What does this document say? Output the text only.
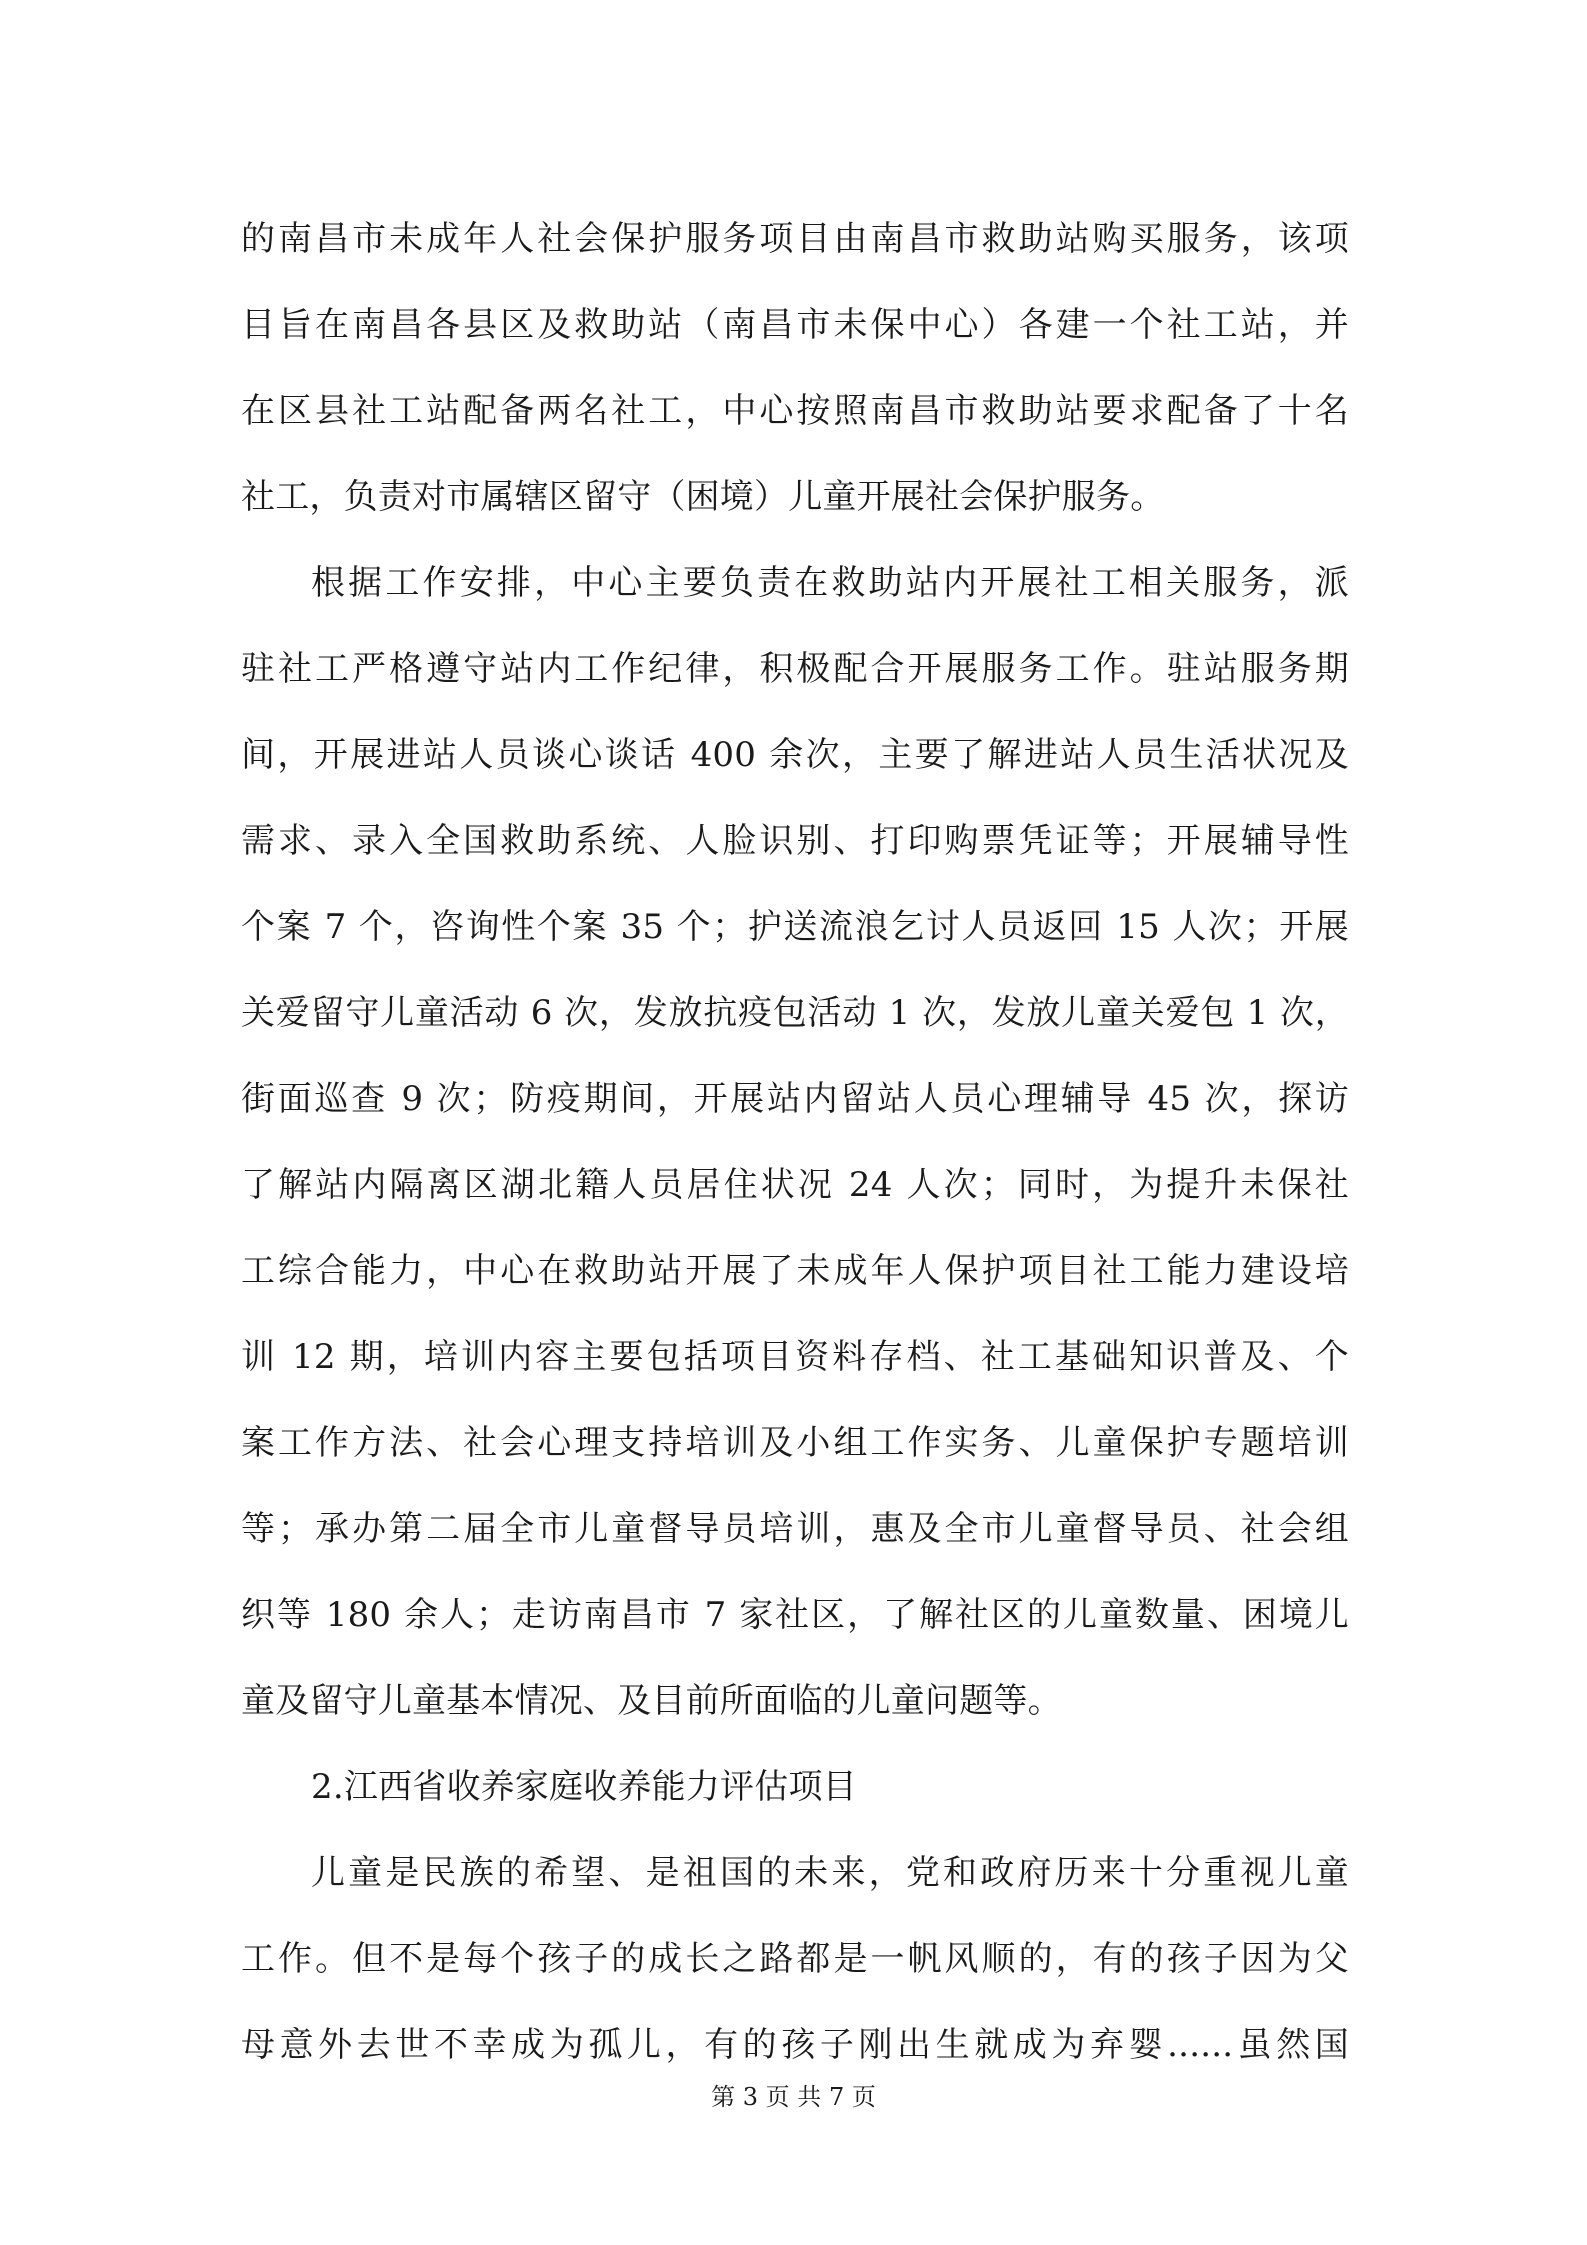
的南昌市未成年人社会保护服务项目由南昌市救助站购买服务，该项
目旨在南昌各县区及救助站（南昌市未保中心）各建一个社工站，并
在区县社工站配备两名社工，中心按照南昌市救助站要求配备了十名
社工，负责对市属辖区留守（困境）儿童开展社会保护服务。
根据工作安排，中心主要负责在救助站内开展社工相关服务，派
驻社工严格遵守站内工作纪律，积极配合开展服务工作。驻站服务期
间，开展进站人员谈心谈话 400 余次，主要了解进站人员生活状况及
需求、录入全国救助系统、人脸识别、打印购票凭证等；开展辅导性
个案 7 个，咨询性个案 35 个；护送流浪乞讨人员返回 15 人次；开展
关爱留守儿童活动 6 次，发放抗疫包活动 1 次，发放儿童关爱包 1 次，
街面巡查 9 次；防疫期间，开展站内留站人员心理辅导 45 次，探访
了解站内隔离区湖北籍人员居住状况 24 人次；同时，为提升未保社
工综合能力，中心在救助站开展了未成年人保护项目社工能力建设培
训 12 期，培训内容主要包括项目资料存档、社工基础知识普及、个
案工作方法、社会心理支持培训及小组工作实务、儿童保护专题培训
等；承办第二届全市儿童督导员培训，惠及全市儿童督导员、社会组
织等 180 余人；走访南昌市 7 家社区，了解社区的儿童数量、困境儿
童及留守儿童基本情况、及目前所面临的儿童问题等。
2.江西省收养家庭收养能力评估项目
儿童是民族的希望、是祖国的未来，党和政府历来十分重视儿童
工作。但不是每个孩子的成长之路都是一帆风顺的，有的孩子因为父
母意外去世不幸成为孤儿，有的孩子刚出生就成为弃婴......虽然国
第 3 页 共 7 页
